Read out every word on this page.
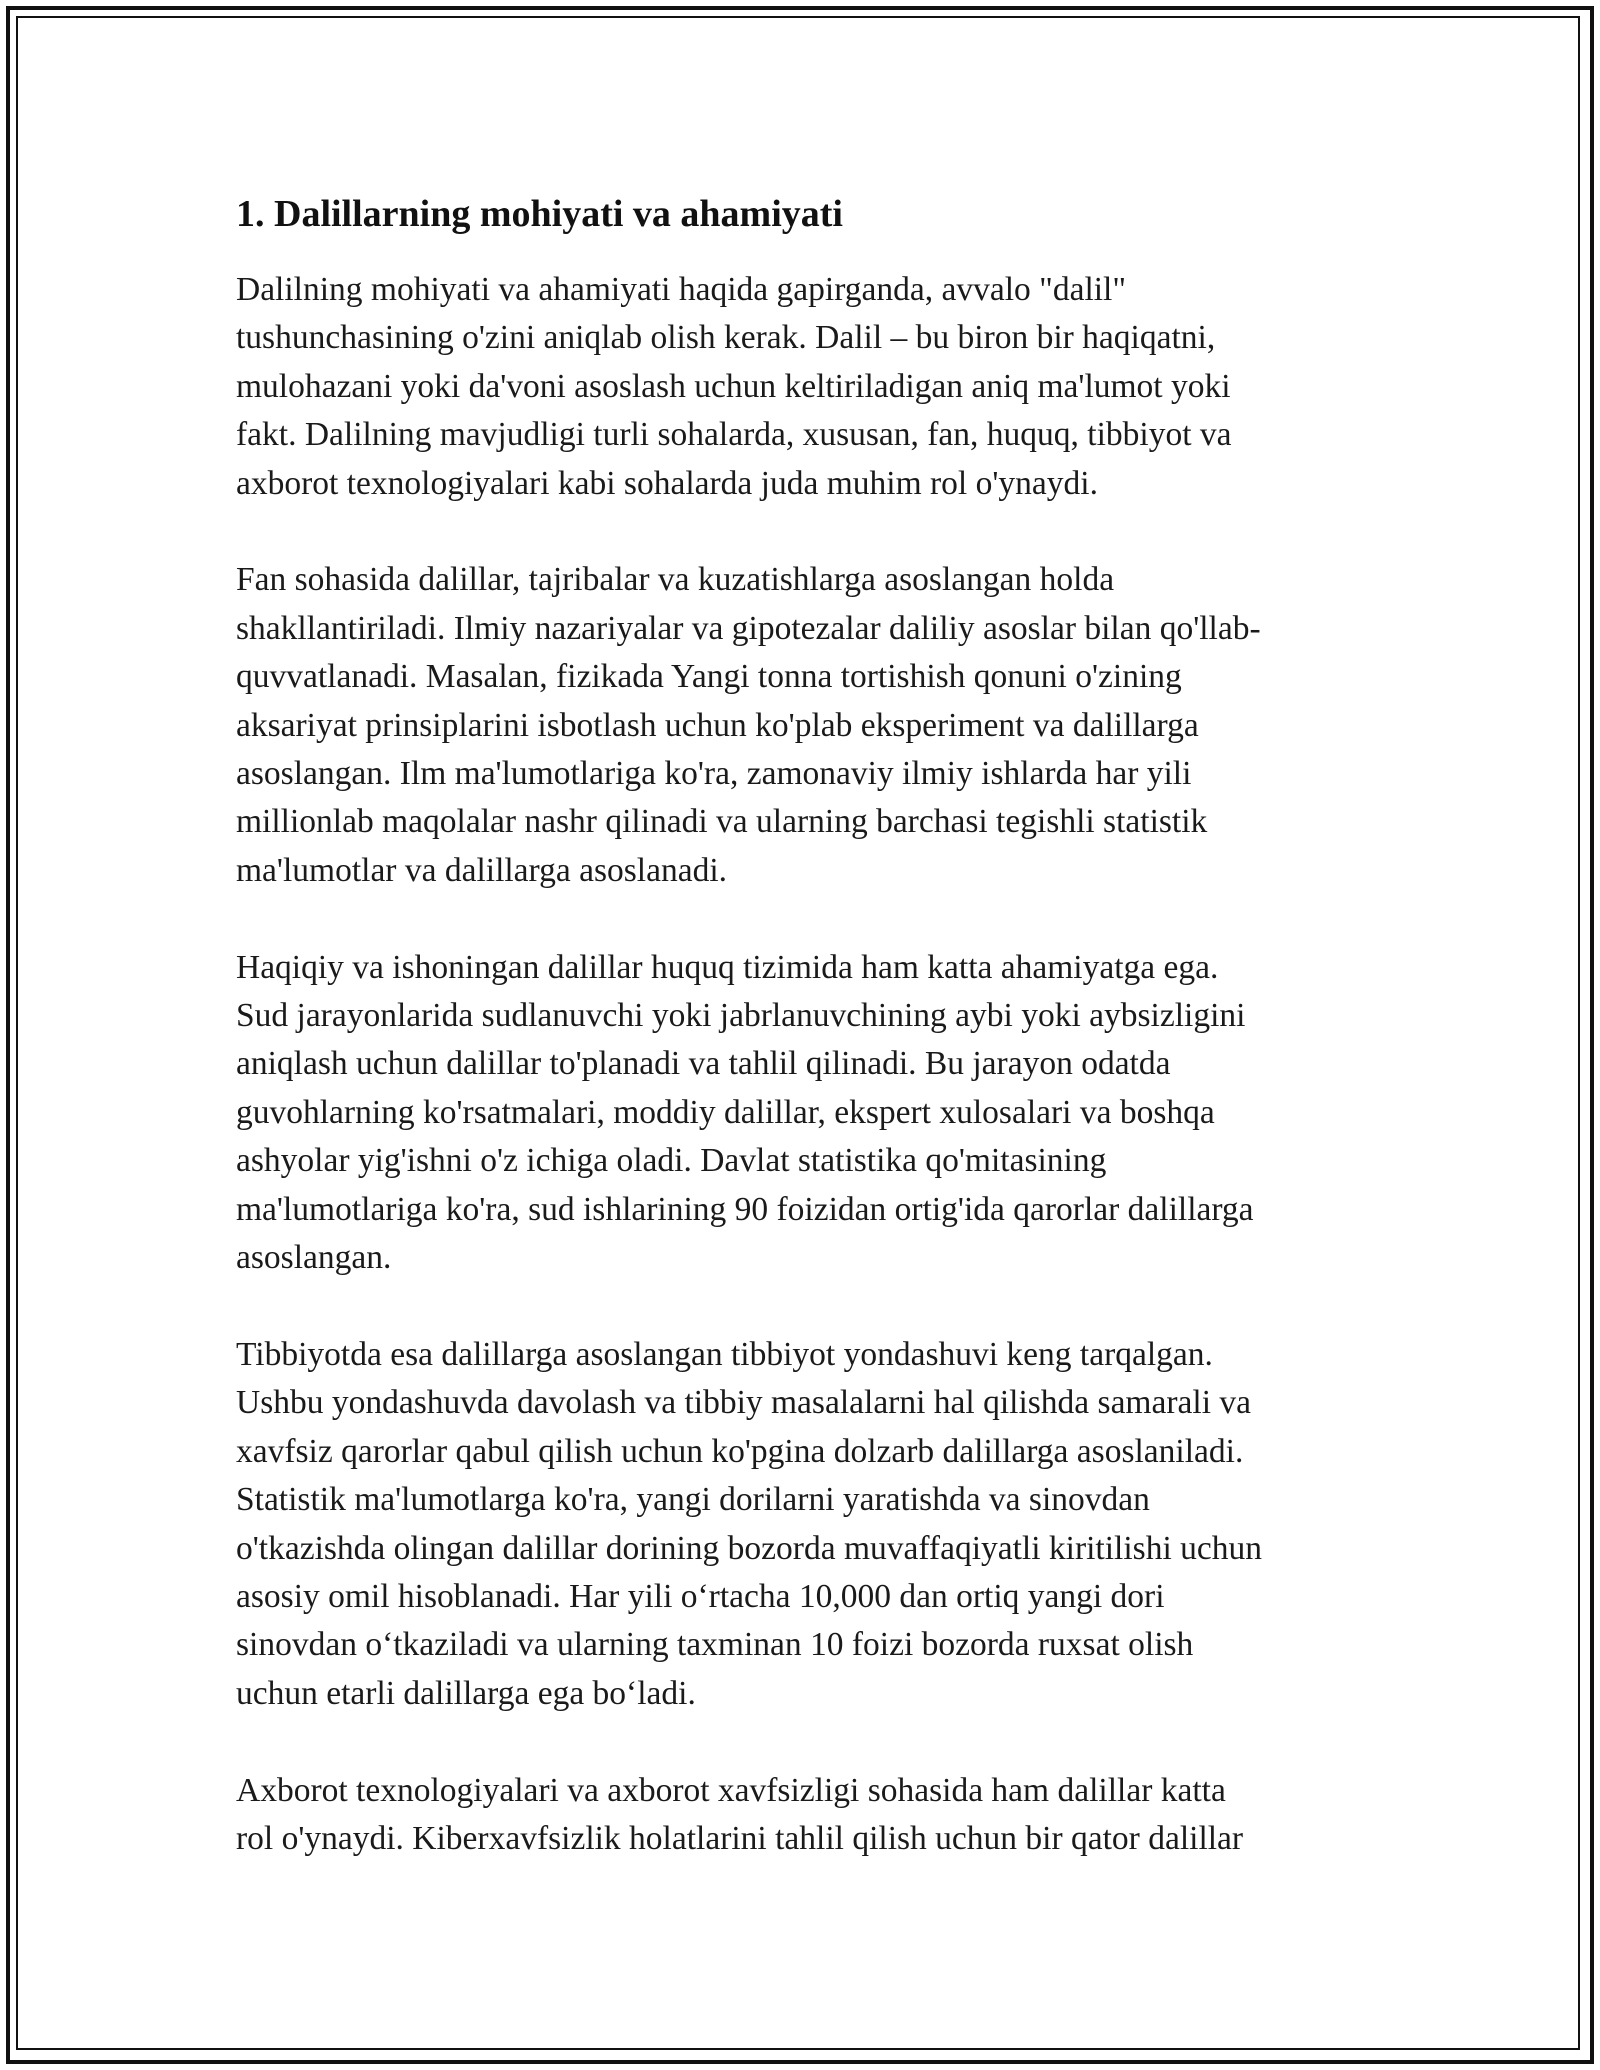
1. Dalillarning mohiyati va ahamiyati

Dalilning mohiyati va ahamiyati haqida gapirganda, avvalo "dalil"
tushunchasining o'zini aniqlab olish kerak. Dalil – bu biron bir haqiqatni,
mulohazani yoki da'voni asoslash uchun keltiriladigan aniq ma'lumot yoki
fakt. Dalilning mavjudligi turli sohalarda, xususan, fan, huquq, tibbiyot va
axborot texnologiyalari kabi sohalarda juda muhim rol o'ynaydi.

Fan sohasida dalillar, tajribalar va kuzatishlarga asoslangan holda
shakllantiriladi. Ilmiy nazariyalar va gipotezalar daliliy asoslar bilan qo'llab-
quvvatlanadi. Masalan, fizikada Yangi tonna tortishish qonuni o'zining
aksariyat prinsiplarini isbotlash uchun ko'plab eksperiment va dalillarga
asoslangan. Ilm ma'lumotlariga ko'ra, zamonaviy ilmiy ishlarda har yili
millionlab maqolalar nashr qilinadi va ularning barchasi tegishli statistik
ma'lumotlar va dalillarga asoslanadi.

Haqiqiy va ishoningan dalillar huquq tizimida ham katta ahamiyatga ega.
Sud jarayonlarida sudlanuvchi yoki jabrlanuvchining aybi yoki aybsizligini
aniqlash uchun dalillar to'planadi va tahlil qilinadi. Bu jarayon odatda
guvohlarning ko'rsatmalari, moddiy dalillar, ekspert xulosalari va boshqa
ashyolar yig'ishni o'z ichiga oladi. Davlat statistika qo'mitasining
ma'lumotlariga ko'ra, sud ishlarining 90 foizidan ortig'ida qarorlar dalillarga
asoslangan.

Tibbiyotda esa dalillarga asoslangan tibbiyot yondashuvi keng tarqalgan.
Ushbu yondashuvda davolash va tibbiy masalalarni hal qilishda samarali va
xavfsiz qarorlar qabul qilish uchun ko'pgina dolzarb dalillarga asoslaniladi.
Statistik ma'lumotlarga ko'ra, yangi dorilarni yaratishda va sinovdan
o'tkazishda olingan dalillar dorining bozorda muvaffaqiyatli kiritilishi uchun
asosiy omil hisoblanadi. Har yili o‘rtacha 10,000 dan ortiq yangi dori
sinovdan o‘tkaziladi va ularning taxminan 10 foizi bozorda ruxsat olish
uchun etarli dalillarga ega bo‘ladi.

Axborot texnologiyalari va axborot xavfsizligi sohasida ham dalillar katta
rol o'ynaydi. Kiberxavfsizlik holatlarini tahlil qilish uchun bir qator dalillar
